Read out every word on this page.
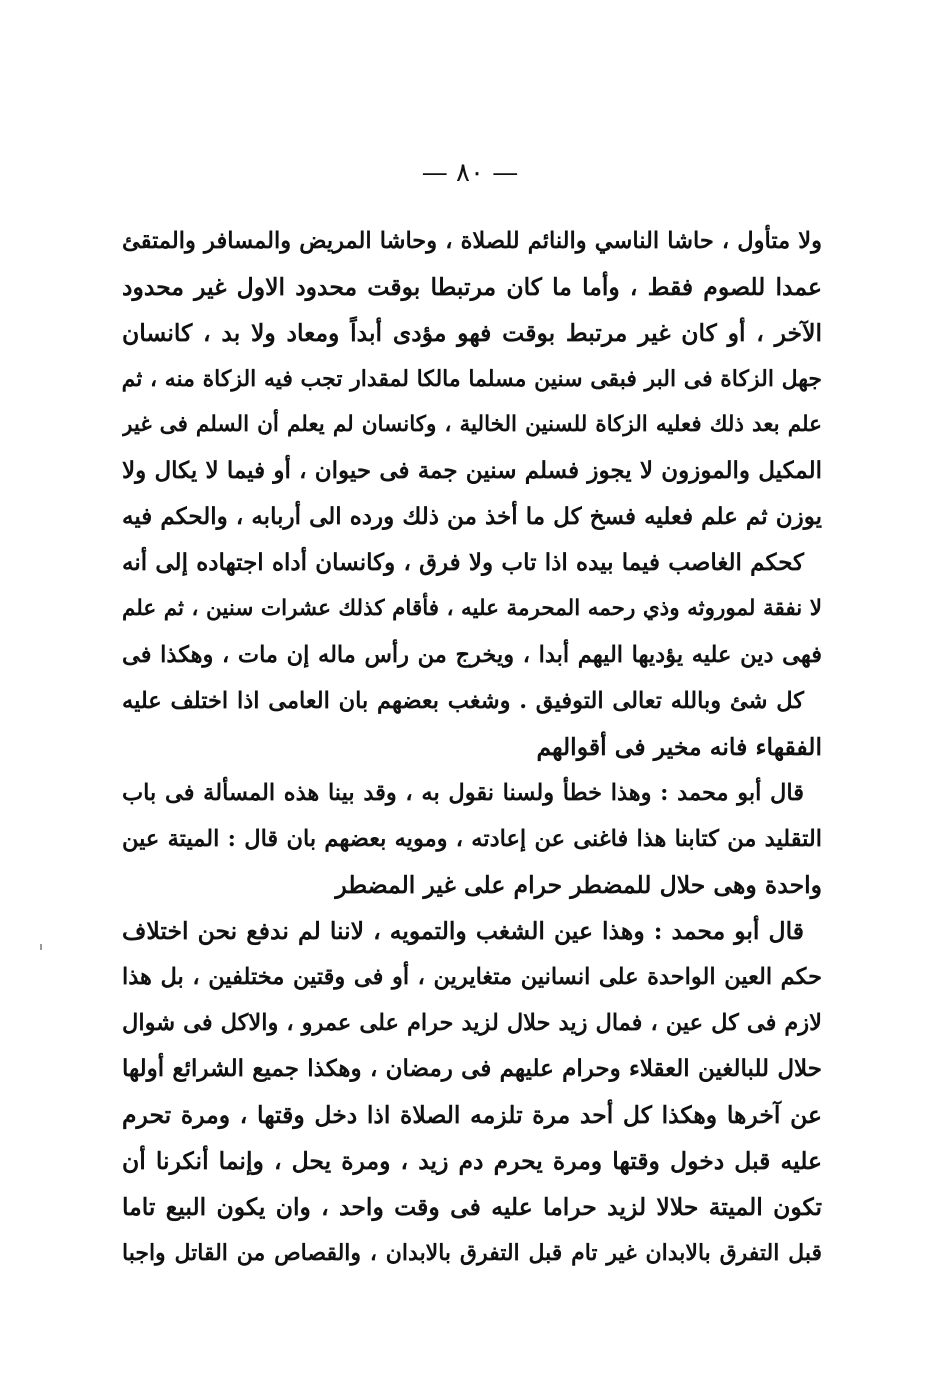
— ٨٠ —
ولا متأول ، حاشا الناسي والنائم للصلاة ، وحاشا المريض والمسافر والمتقئ
عمدا للصوم فقط ، وأما ما كان مرتبطا بوقت محدود الاول غير محدود
الآخر ، أو كان غير مرتبط بوقت فهو مؤدى أبداً ومعاد ولا بد ، كانسان
جهل الزكاة فى البر فبقى سنين مسلما مالكا لمقدار تجب فيه الزكاة منه ، ثم
علم بعد ذلك فعليه الزكاة للسنين الخالية ، وكانسان لم يعلم أن السلم فى غير
المكيل والموزون لا يجوز فسلم سنين جمة فى حيوان ، أو فيما لا يكال ولا
يوزن ثم علم فعليه فسخ كل ما أخذ من ذلك ورده الى أربابه ، والحكم فيه
كحكم الغاصب فيما بيده اذا تاب ولا فرق ، وكانسان أداه اجتهاده إلى أنه
لا نفقة لموروثه وذي رحمه المحرمة عليه ، فأقام كذلك عشرات سنين ، ثم علم
فهى دين عليه يؤديها اليهم أبدا ، ويخرج من رأس ماله إن مات ، وهكذا فى
كل شئ وبالله تعالى التوفيق . وشغب بعضهم بان العامى اذا اختلف عليه
الفقهاء فانه مخير فى أقوالهم
قال أبو محمد : وهذا خطأ ولسنا نقول به ، وقد بينا هذه المسألة فى باب
التقليد من كتابنا هذا فاغنى عن إعادته ، ومويه بعضهم بان قال : الميتة عين
واحدة وهى حلال للمضطر حرام على غير المضطر
قال أبو محمد : وهذا عين الشغب والتمويه ، لاننا لم ندفع نحن اختلاف
حكم العين الواحدة على انسانين متغايرين ، أو فى وقتين مختلفين ، بل هذا
لازم فى كل عين ، فمال زيد حلال لزيد حرام على عمرو ، والاكل فى شوال
حلال للبالغين العقلاء وحرام عليهم فى رمضان ، وهكذا جميع الشرائع أولها
عن آخرها وهكذا كل أحد مرة تلزمه الصلاة اذا دخل وقتها ، ومرة تحرم
عليه قبل دخول وقتها ومرة يحرم دم زيد ، ومرة يحل ، وإنما أنكرنا أن
تكون الميتة حلالا لزيد حراما عليه فى وقت واحد ، وان يكون البيع تاما
قبل التفرق بالابدان غير تام قبل التفرق بالابدان ، والقصاص من القاتل واجبا
